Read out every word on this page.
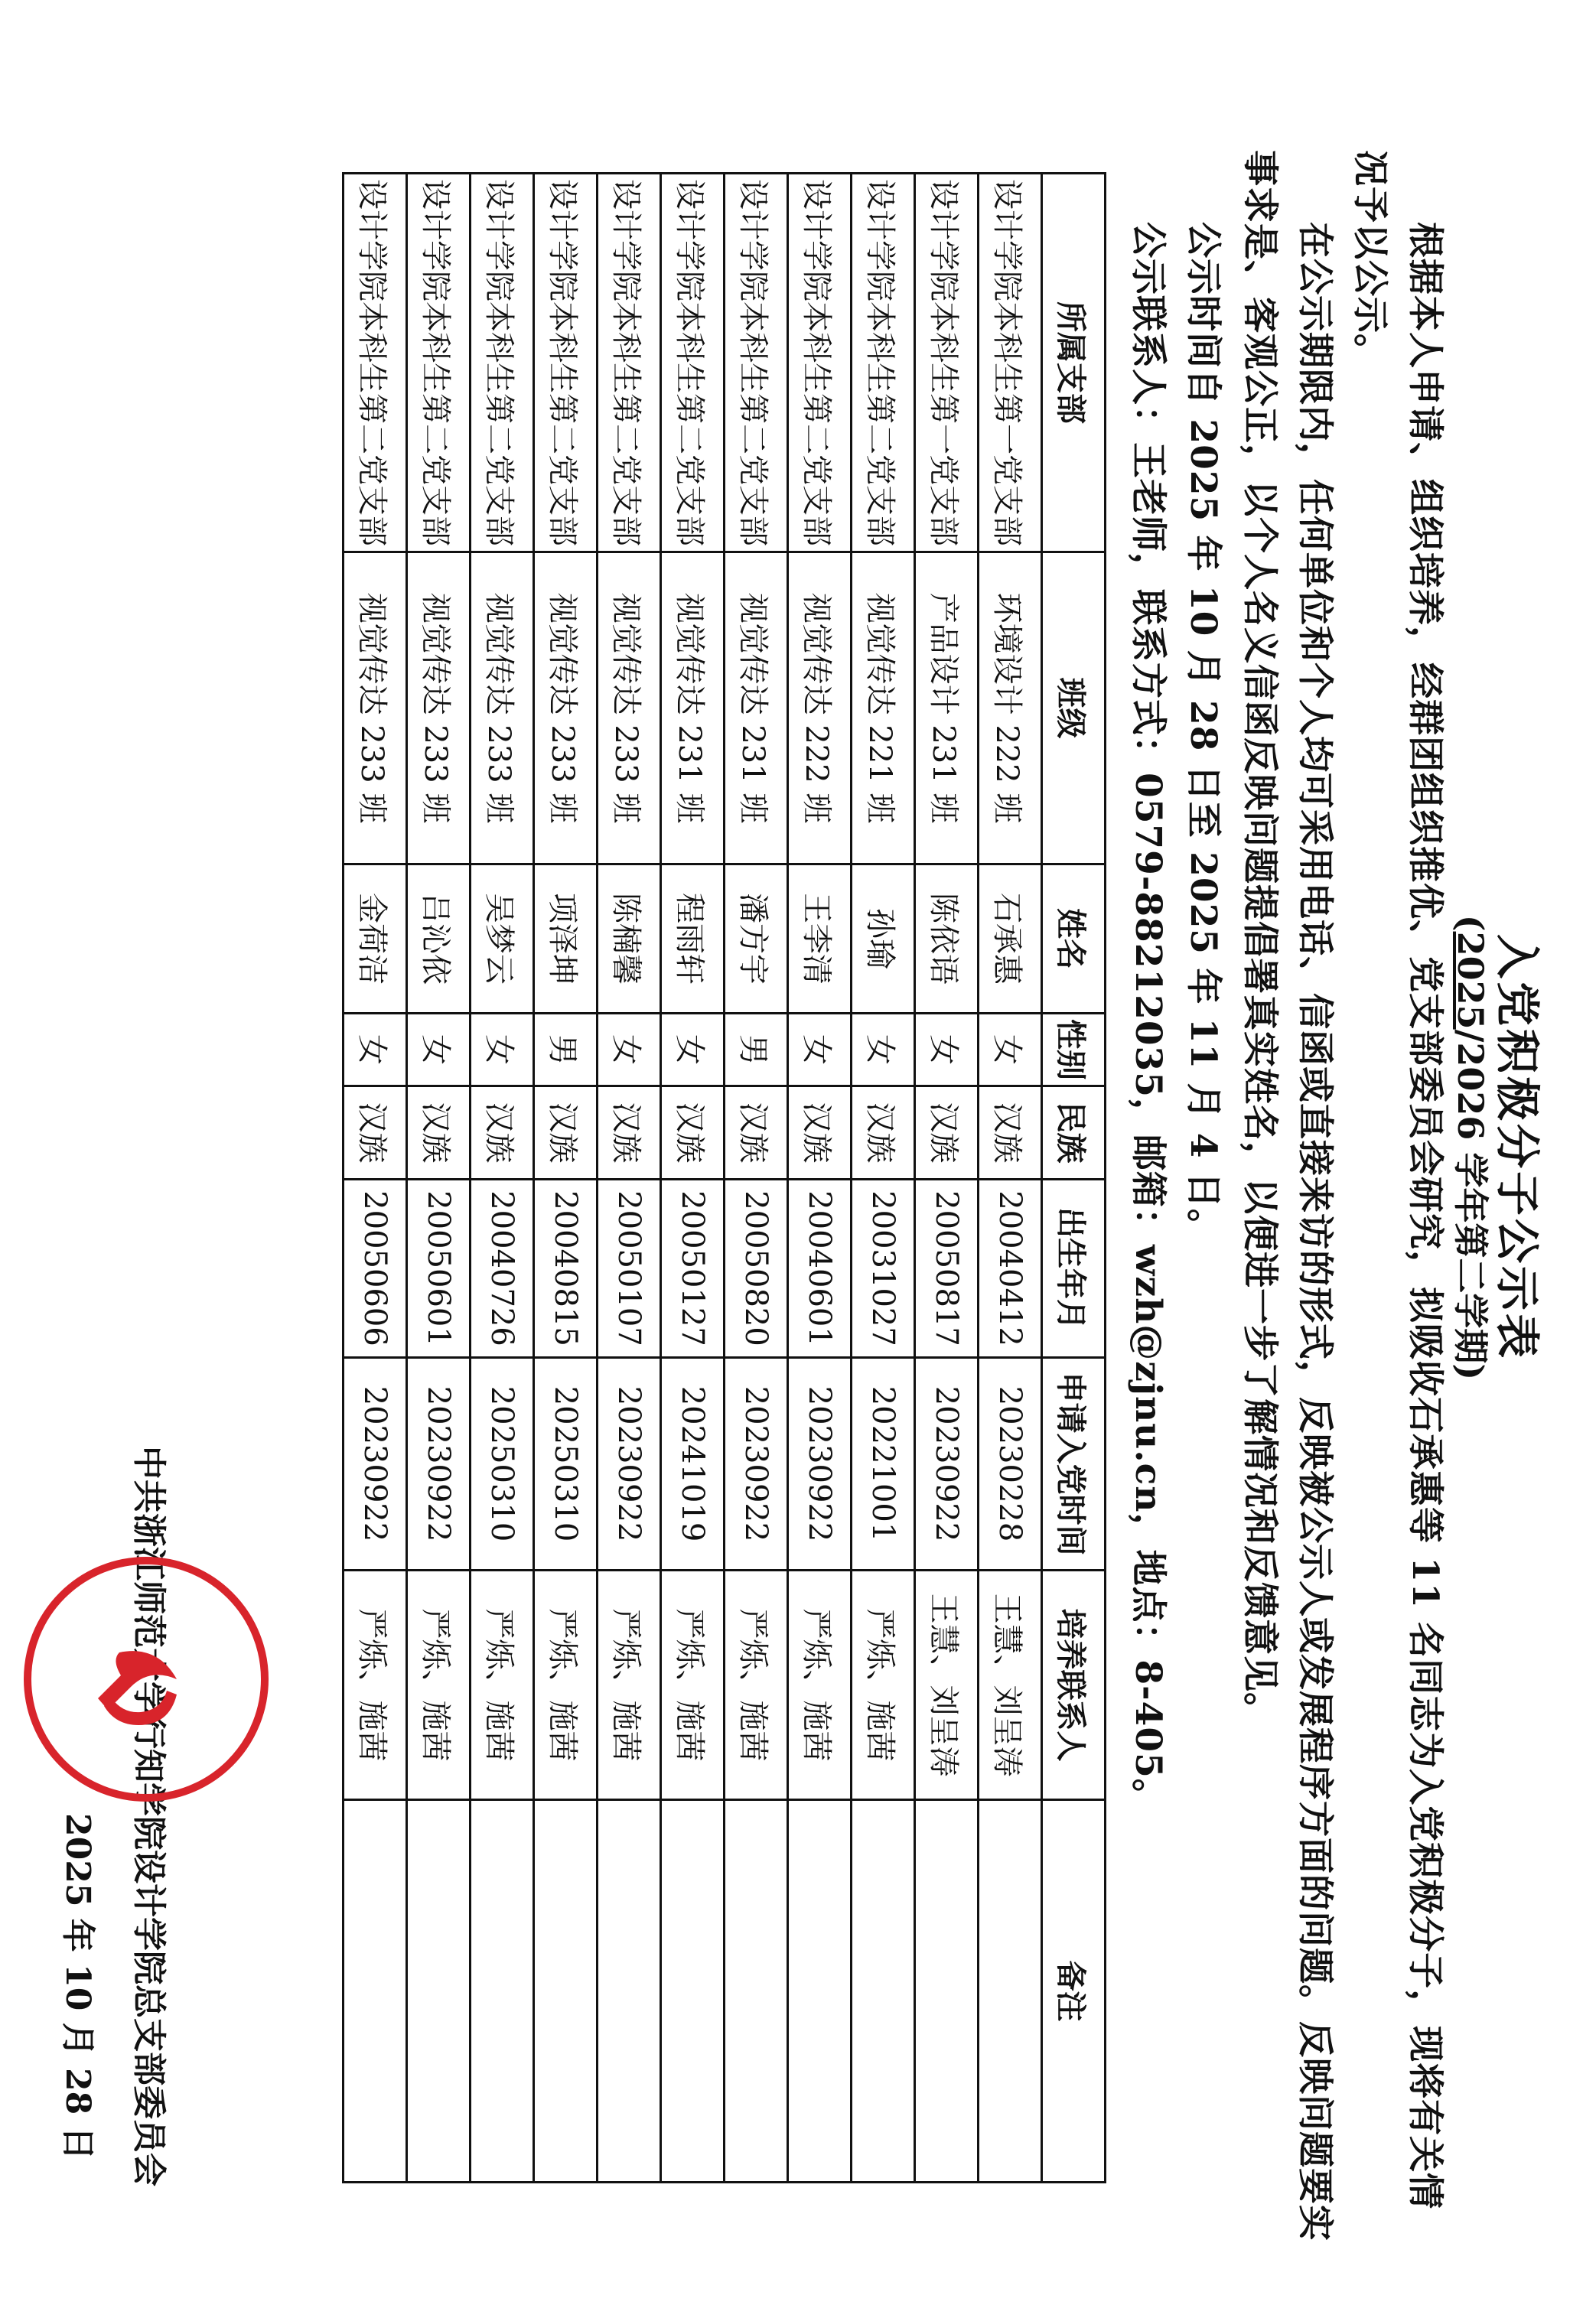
入党积极分子公示表
(2025/2026 学年第二学期)
根据本人申请、组织培养，经群团组织推优、党支部委员会研究，拟吸收石承惠等 11 名同志为入党积极分子，现将有关情况予以公示。
在公示期限内，任何单位和个人均可采用电话、信函或直接来访的形式，反映被公示人或发展程序方面的问题。反映问题要实事求是、客观公正，以个人名义信函反映问题提倡署真实姓名，以便进一步了解情况和反馈意见。
公示时间自 2025 年 10 月 28 日至 2025 年 11 月 4 日。
公示联系人：王老师，联系方式：0579-88212035，邮箱：wzh@zjnu.cn，地点：8-405。
所属支部	班级	姓名	性别	民族	出生年月	申请入党时间	培养联系人	备注
设计学院本科生第一党支部	环境设计 222 班	石承惠	女	汉族	20040412	20230228	王慧、刘呈涛	
设计学院本科生第一党支部	产品设计 231 班	陈依语	女	汉族	20050817	20230922	王慧、刘呈涛	
设计学院本科生第二党支部	视觉传达 221 班	孙瑜	女	汉族	20031027	20221001	严烁、施茜	
设计学院本科生第二党支部	视觉传达 222 班	王李清	女	汉族	20040601	20230922	严烁、施茜	
设计学院本科生第二党支部	视觉传达 231 班	潘方宇	男	汉族	20050820	20230922	严烁、施茜	
设计学院本科生第二党支部	视觉传达 231 班	程雨轩	女	汉族	20050127	20241019	严烁、施茜	
设计学院本科生第二党支部	视觉传达 233 班	陈楠馨	女	汉族	20050107	20230922	严烁、施茜	
设计学院本科生第二党支部	视觉传达 233 班	项泽坤	男	汉族	20040815	20250310	严烁、施茜	
设计学院本科生第二党支部	视觉传达 233 班	吴梦云	女	汉族	20040726	20250310	严烁、施茜	
设计学院本科生第二党支部	视觉传达 233 班	吕沁依	女	汉族	20050601	20230922	严烁、施茜	
设计学院本科生第二党支部	视觉传达 233 班	金荷洁	女	汉族	20050606	20230922	严烁、施茜	
中共浙江师范大学行知学院设计学院总支部委员会
2025 年 10 月 28 日
